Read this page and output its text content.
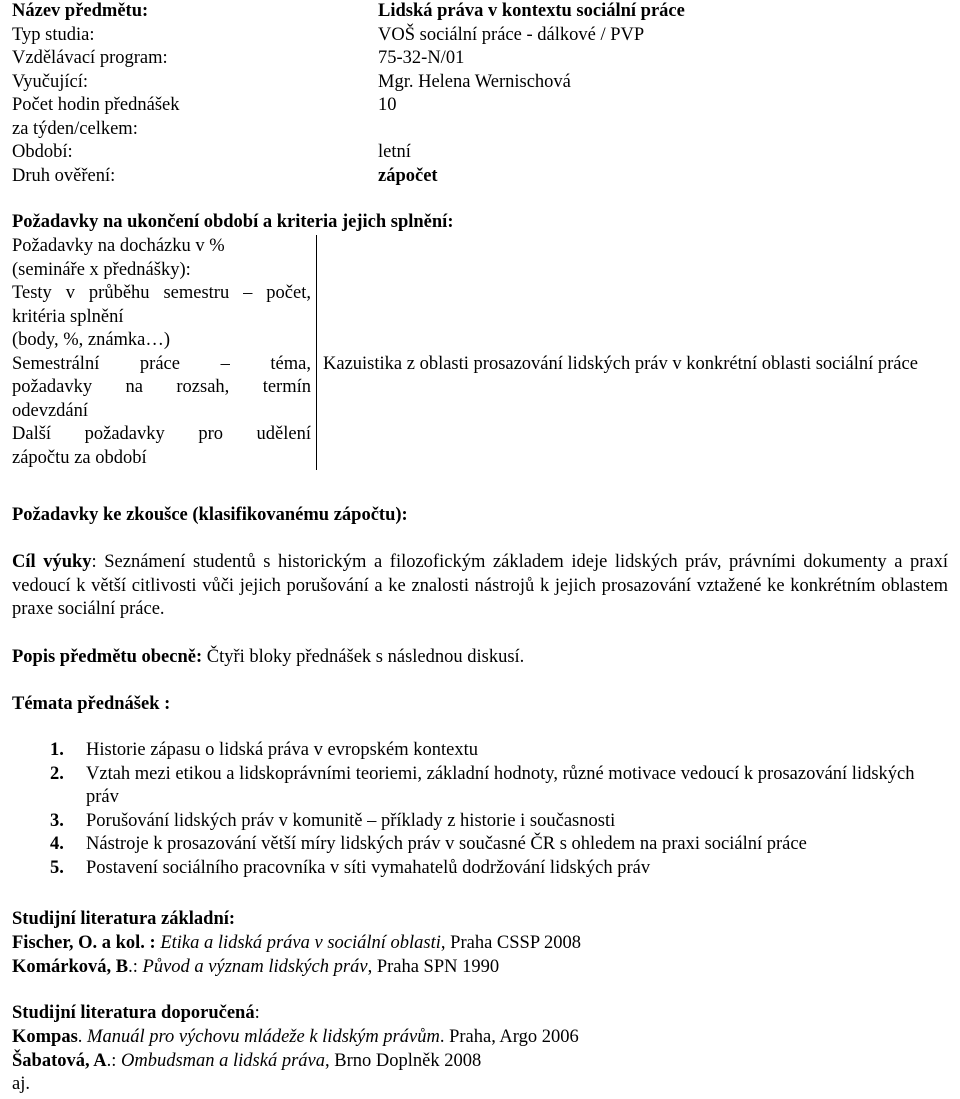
Název předmětu:	Lidská práva v kontextu sociální práce
Typ studia:	VOŠ sociální práce - dálkové / PVP
Vzdělávací program:	75-32-N/01
Vyučující:	Mgr. Helena Wernischová
Počet hodin přednášek	10
za týden/celkem:
Období:	letní
Druh ověření:	zápočet
Požadavky na ukončení období a kriteria jejich splnění:
Požadavky na docházku v %
(semináře x přednášky):	

Testy v průběhu semestru – počet,
kritéria splnění
(body, %, známka…)	

Semestrální práce – téma,
požadavky na rozsah, termín
odevzdání	Kazuistika z oblasti prosazování lidských práv v konkrétní oblasti sociální práce

Další požadavky pro udělení
zápočtu za období	
Požadavky ke zkoušce (klasifikovanému zápočtu):
Cíl výuky: Seznámení studentů s historickým a filozofickým základem ideje lidských práv, právními dokumenty a praxí vedoucí k větší citlivosti vůči jejich porušování a ke znalosti nástrojů k jejich prosazování vztažené ke konkrétním oblastem praxe sociální práce.
Popis předmětu obecně: Čtyři bloky přednášek s následnou diskusí.
Témata přednášek :
1. Historie zápasu o lidská práva v evropském kontextu
2. Vztah mezi etikou a lidskoprávními teoriemi, základní hodnoty, různé motivace vedoucí k prosazování lidských práv
3. Porušování lidských práv v komunitě – příklady z historie i současnosti
4. Nástroje k prosazování větší míry lidských práv v současné ČR s ohledem na praxi sociální práce
5. Postavení sociálního pracovníka v síti vymahatelů dodržování lidských práv
Studijní literatura základní:
Fischer, O. a kol. : Etika a lidská práva v sociální oblasti, Praha CSSP 2008
Komárková, B.: Původ a význam lidských práv, Praha SPN 1990
Studijní literatura doporučená:
Kompas. Manuál pro výchovu mládeže k lidským právům. Praha, Argo 2006
Šabatová, A.: Ombudsman a lidská práva, Brno Doplněk 2008
aj.
